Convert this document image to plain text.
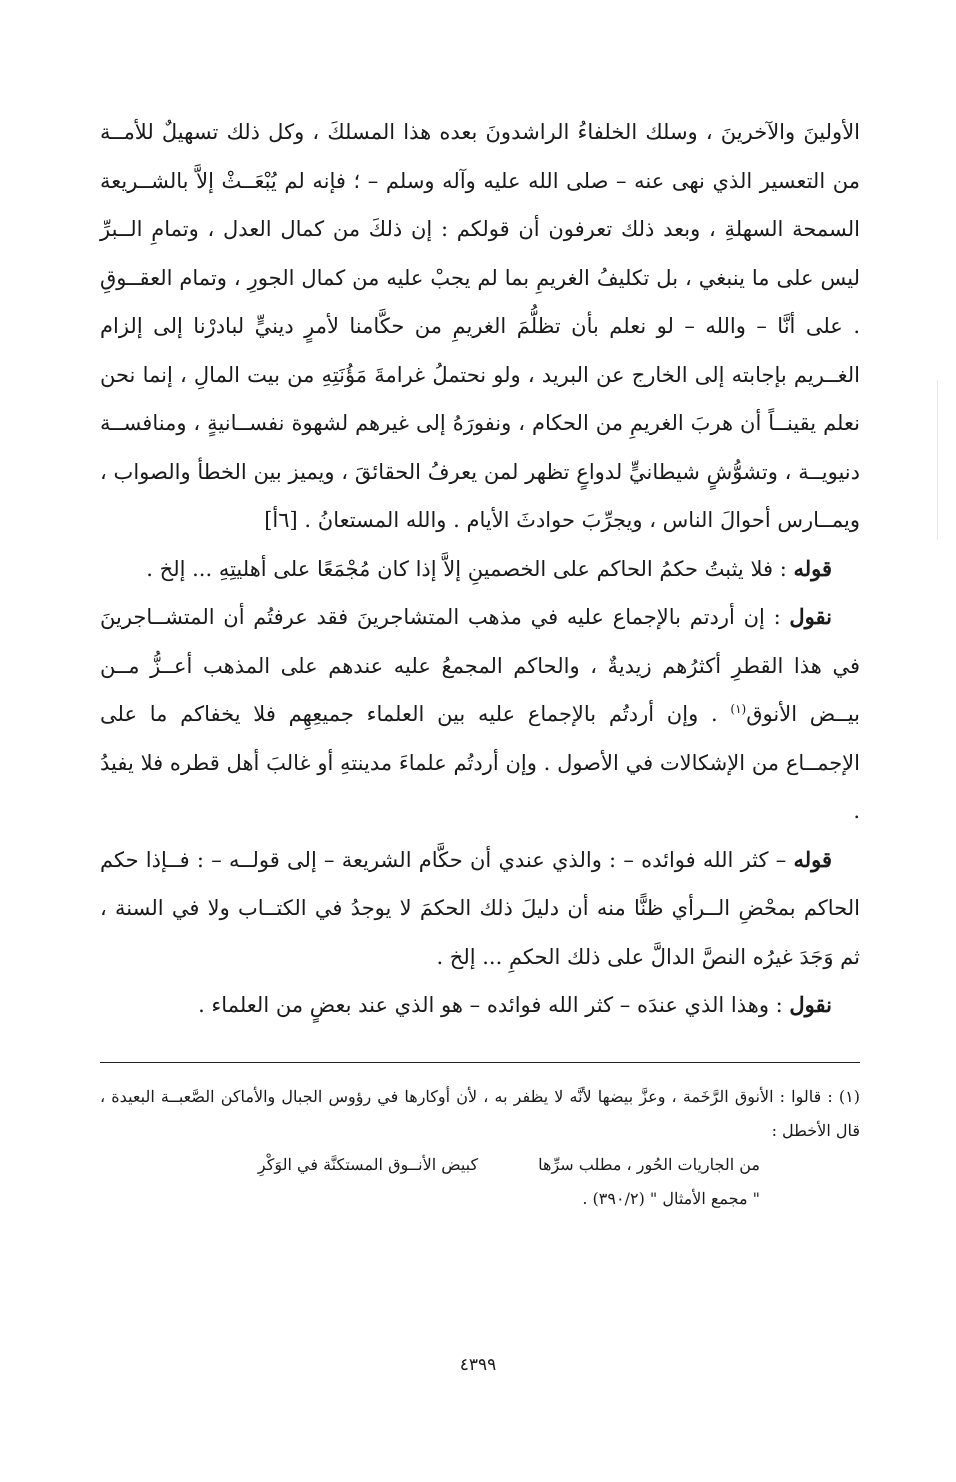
الأولينَ والآخرينَ ، وسلك الخلفاءُ الراشدونَ بعده هذا المسلكَ ، وكل ذلك تسهيلٌ للأمــة من التعسير الذي نهى عنه – صلى الله عليه وآله وسلم – ؛ فإنه لم يُبْعَــثْ إلاَّ بالشــريعة السمحة السهلةِ ، وبعد ذلك تعرفون أن قولكم : إن ذلكَ من كمال العدل ، وتمامِ الــبرِّ ليس على ما ينبغي ، بل تكليفُ الغريمِ بما لم يجبْ عليه من كمال الجورِ ، وتمام العقــوقِ . على أنَّا – والله – لو نعلم بأن تظلُّمَ الغريمِ من حكَّامنا لأمرٍ دينيٍّ لبادرْنا إلى إلزام الغــريم بإجابته إلى الخارج عن البريد ، ولو نحتملُ غرامةَ مَؤُنَتِهِ من بيت المالِ ، إنما نحن نعلم يقينــاً أن هربَ الغريمِ من الحكام ، ونفورَهُ إلى غيرهم لشهوة نفســانيةٍ ، ومنافســة دنيويــة ، وتشوُّشٍ شيطانيٍّ لدواعٍ تظهر لمن يعرفُ الحقائقَ ، ويميز بين الخطأ والصواب ، ويمــارس أحوالَ الناس ، ويجرِّبَ حوادثَ الأيام . والله المستعانُ . [٦أ]

قوله : فلا يثبتُ حكمُ الحاكم على الخصمينِ إلاَّ إذا كان مُجْمَعًا على أهليتِهِ ... إلخ .

نقول : إن أردتم بالإجماع عليه في مذهب المتشاجرينَ فقد عرفتُم أن المتشــاجرينَ في هذا القطرِ أكثرُهم زيديةٌ ، والحاكم المجمعُ عليه عندهم على المذهب أعــزُّ مــن بيــض الأنوق$^{(١)}$ . وإن أردتُم بالإجماع عليه بين العلماء جميعِهِم فلا يخفاكم ما على الإجمــاع من الإشكالات في الأصول . وإن أردتُم علماءَ مدينتهِ أو غالبَ أهل قطره فلا يفيدُ .

قوله – كثر الله فوائده – : والذي عندي أن حكَّام الشريعة – إلى قولــه – : فــإذا حكم الحاكم بمحْضِ الــرأي ظنًّا منه أن دليلَ ذلك الحكمَ لا يوجدُ في الكتــاب ولا في السنة ، ثم وَجَدَ غيرُه النصَّ الدالَّ على ذلك الحكمِ ... إلخ .

نقول : وهذا الذي عندَه – كثر الله فوائده – هو الذي عند بعضٍ من العلماء .

(١) : قالوا : الأنوق الرَّخَمة ، وعزَّ بيضها لأنَّه لا يظفر به ، لأن أوكارها في رؤوس الجبال والأماكن الصَّعبــة البعيدة ، قال الأخطل :

من الجاريات الحُور ، مطلب سرِّها
كبيض الأنــوق المستكنَّة في الوَكْرِ
" مجمع الأمثال " (٣٩٠/٢) .
٤٣٩٩
